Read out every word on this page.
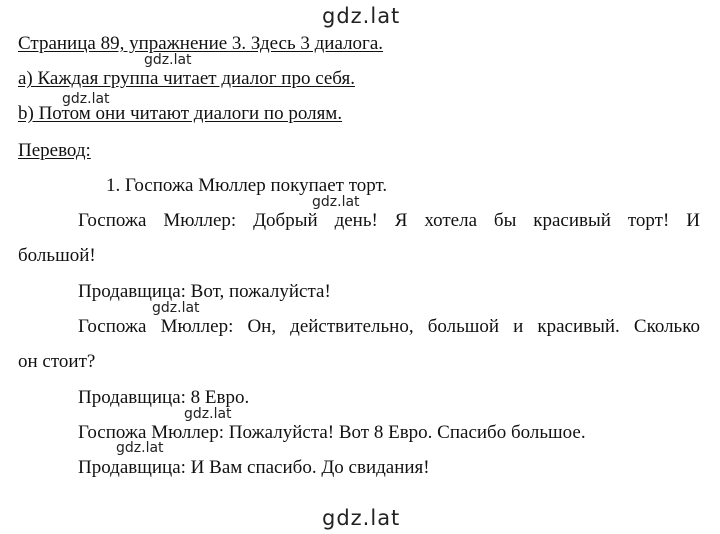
gdz.lat
gdz.lat
gdz.lat
gdz.lat
gdz.lat
gdz.lat
gdz.lat
gdz.lat
Страница 89, упражнение 3. Здесь 3 диалога.
a) Каждая группа читает диалог про себя.
b) Потом они читают диалоги по ролям.
Перевод:
1. Госпожа Мюллер покупает торт.
Госпожа Мюллер: Добрый день! Я хотела бы красивый торт! И
большой!
Продавщица: Вот, пожалуйста!
Госпожа Мюллер: Он, действительно, большой и красивый. Сколько
он стоит?
Продавщица: 8 Евро.
Госпожа Мюллер: Пожалуйста! Вот 8 Евро. Спасибо большое.
Продавщица: И Вам спасибо. До свидания!
